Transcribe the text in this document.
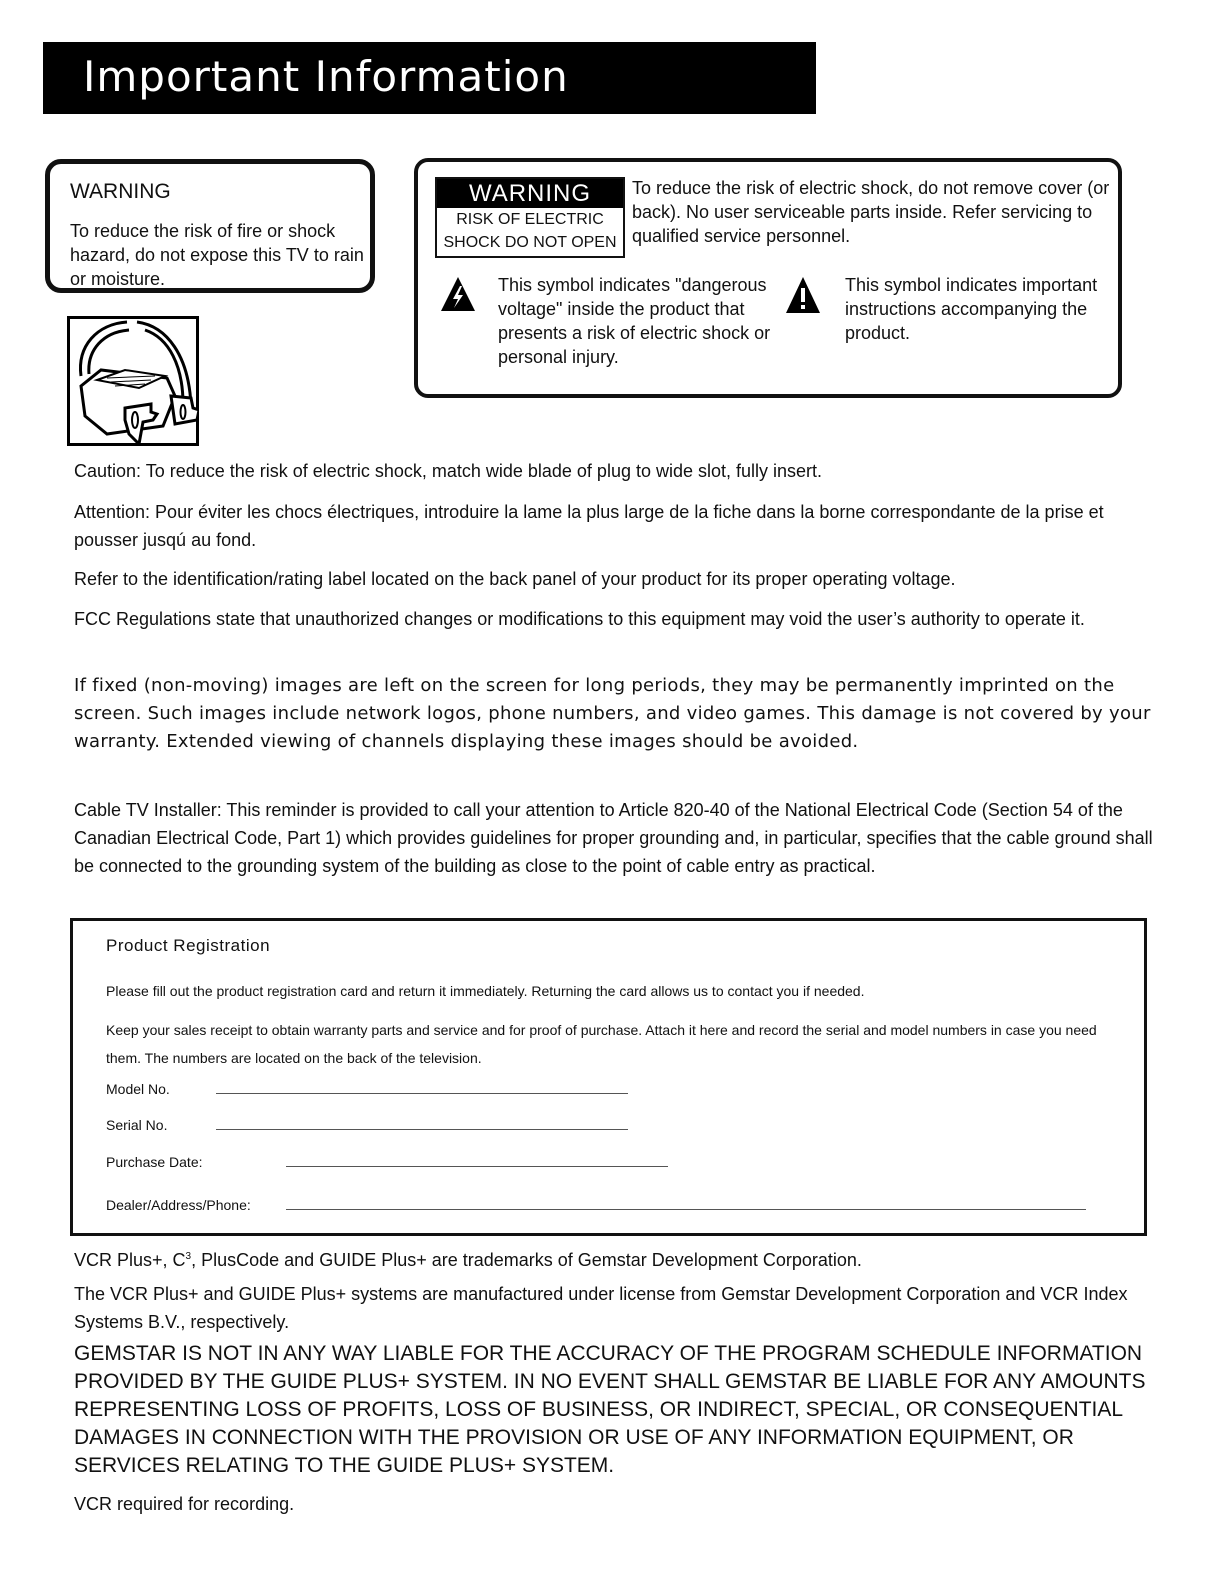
Important Information
WARNING
To reduce the risk of fire or shock hazard, do not expose this TV to rain or moisture.
WARNING
RISK OF ELECTRIC
SHOCK DO NOT OPEN
To reduce the risk of electric shock, do not remove cover (or back). No user serviceable parts inside. Refer servicing to qualified service personnel.
This symbol indicates "dangerous voltage" inside the product that presents a risk of electric shock or personal injury.
This symbol indicates important instructions accompanying the product.
Caution: To reduce the risk of electric shock, match wide blade of plug to wide slot, fully insert.
Attention: Pour éviter les chocs électriques, introduire la lame la plus large de la fiche dans la borne correspondante de la prise et pousser jusqú au fond.
Refer to the identification/rating label located on the back panel of your product for its proper operating voltage.
FCC Regulations state that unauthorized changes or modifications to this equipment may void the user’s authority to operate it.
If fixed (non-moving) images are left on the screen for long periods, they may be permanently imprinted on the screen. Such images include network logos, phone numbers, and video games. This damage is not covered by your warranty. Extended viewing of channels displaying these images should be avoided.
Cable TV Installer: This reminder is provided to call your attention to Article 820-40 of the National Electrical Code (Section 54 of the Canadian Electrical Code, Part 1) which provides guidelines for proper grounding and, in particular, specifies that the cable ground shall be connected to the grounding system of the building as close to the point of cable entry as practical.
Product Registration
Please fill out the product registration card and return it immediately. Returning the card allows us to contact you if needed.
Keep your sales receipt to obtain warranty parts and service and for proof of purchase. Attach it here and record the serial and model numbers in case you need them. The numbers are located on the back of the television.
Model No.
Serial No.
Purchase Date:
Dealer/Address/Phone:
VCR Plus+, $C^3$, PlusCode and GUIDE Plus+ are trademarks of Gemstar Development Corporation.
The VCR Plus+ and GUIDE Plus+ systems are manufactured under license from Gemstar Development Corporation and VCR Index Systems B.V., respectively.
GEMSTAR IS NOT IN ANY WAY LIABLE FOR THE ACCURACY OF THE PROGRAM SCHEDULE INFORMATION PROVIDED BY THE GUIDE PLUS+ SYSTEM. IN NO EVENT SHALL GEMSTAR BE LIABLE FOR ANY AMOUNTS REPRESENTING LOSS OF PROFITS, LOSS OF BUSINESS, OR INDIRECT, SPECIAL, OR CONSEQUENTIAL DAMAGES IN CONNECTION WITH THE PROVISION OR USE OF ANY INFORMATION EQUIPMENT, OR SERVICES RELATING TO THE GUIDE PLUS+ SYSTEM.
VCR required for recording.
